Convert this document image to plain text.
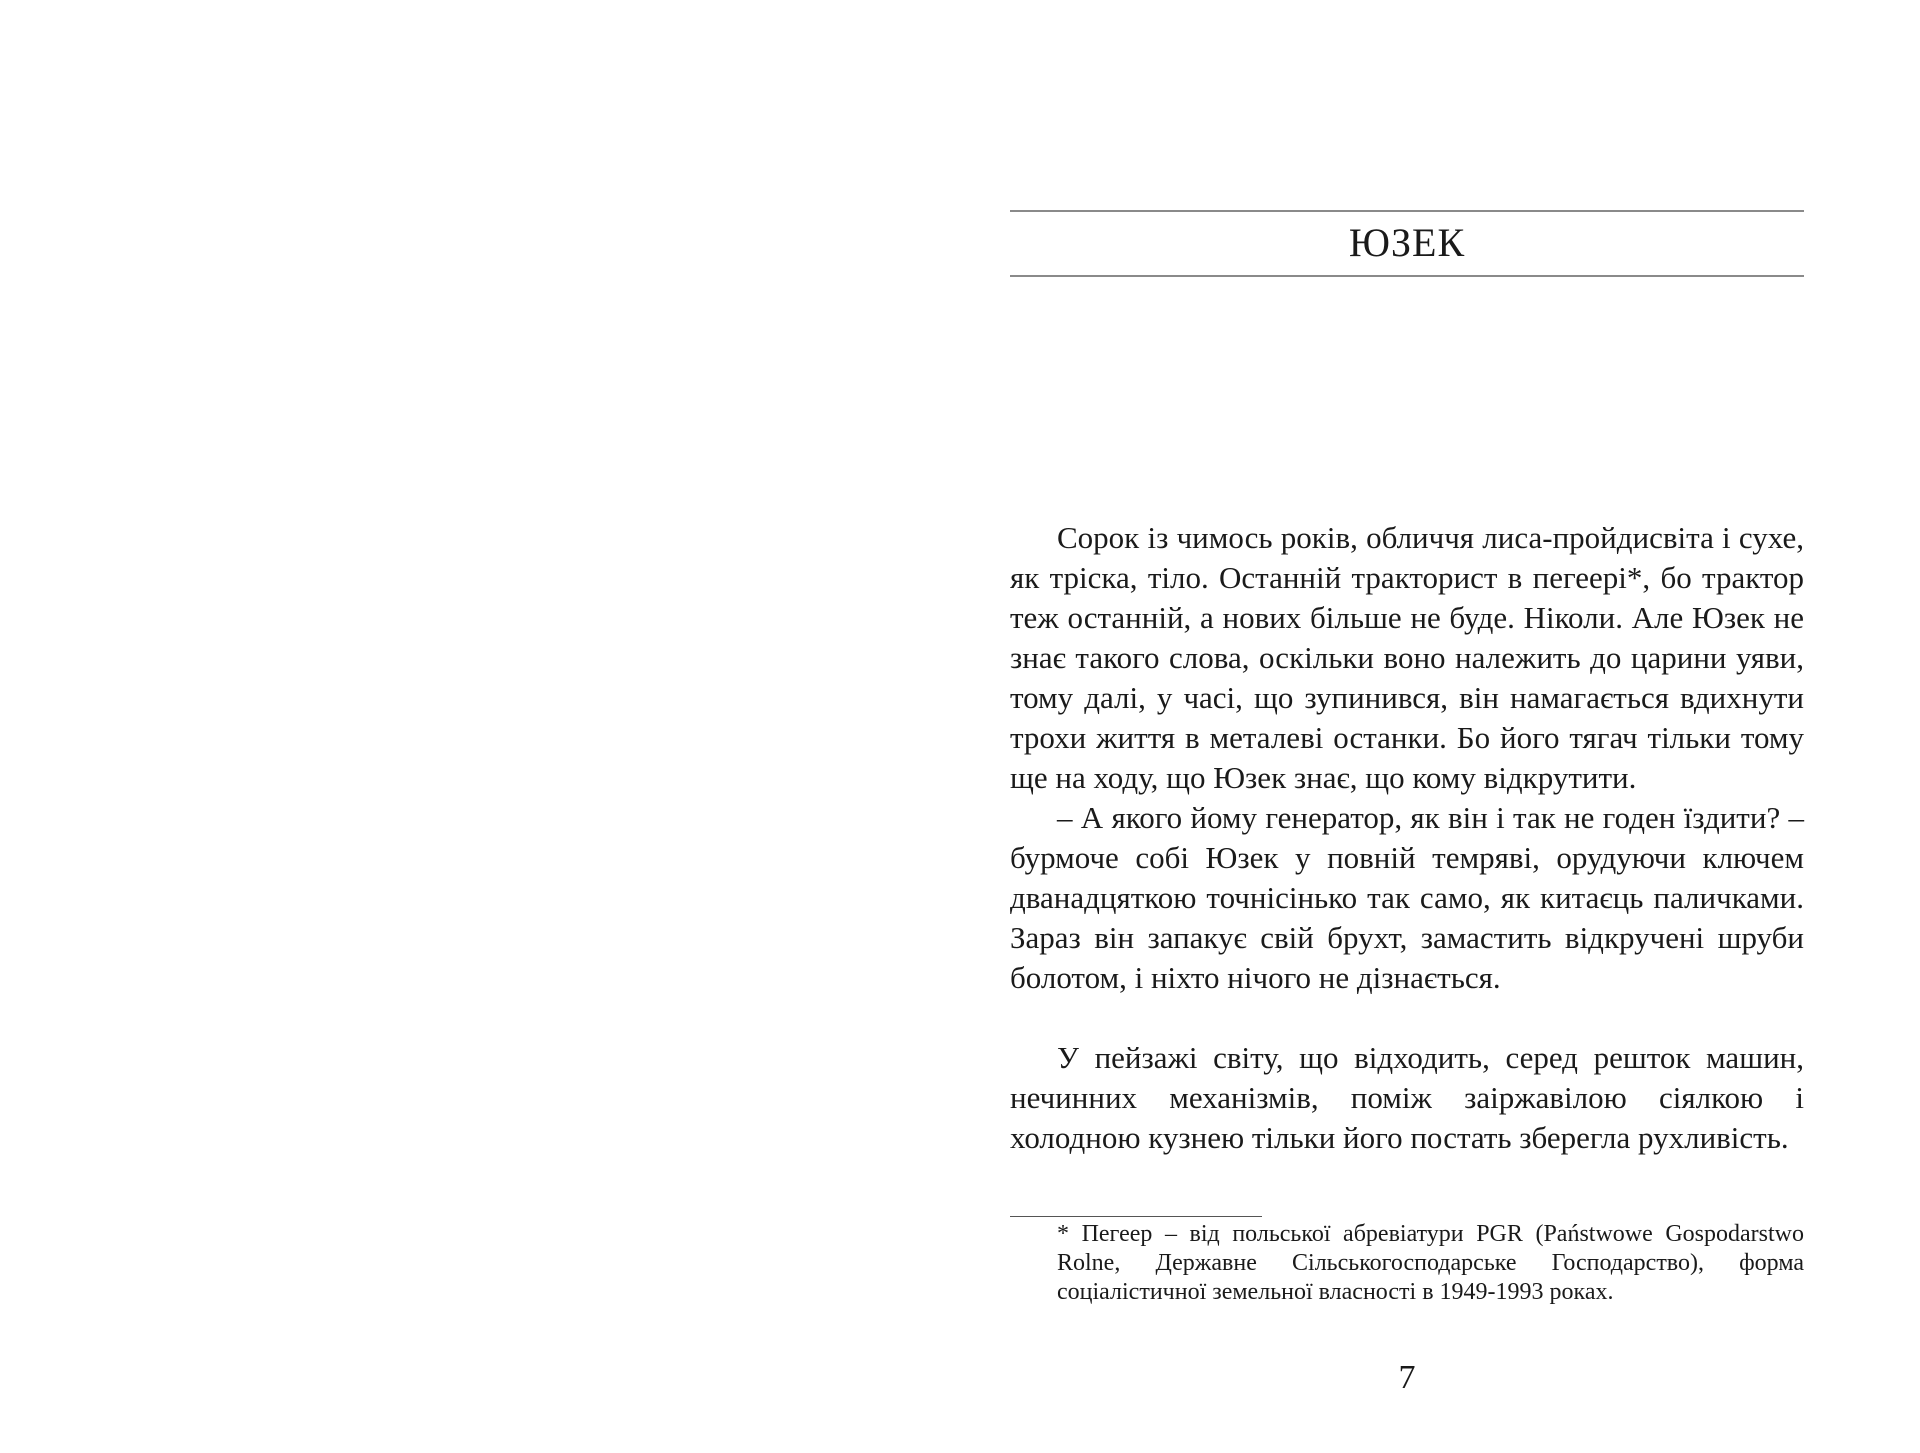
ЮЗЕК

Сорок із чимось років, обличчя лиса-пройдисвіта і сухе, як тріска, тіло. Останній тракторист в пегеері*, бо трактор теж останній, а нових більше не буде. Ніколи. Але Юзек не знає такого слова, оскільки воно належить до царини уяви, тому далі, у часі, що зупинився, він намагається вдихнути трохи життя в металеві останки. Бо його тягач тільки тому ще на ходу, що Юзек знає, що кому відкрутити.

– А якого йому генератор, як він і так не годен їздити? – бурмоче собі Юзек у повній темряві, орудуючи ключем дванадцяткою точнісінько так само, як китаєць паличками. Зараз він запакує свій брухт, замастить відкручені шруби болотом, і ніхто нічого не дізнається.

У пейзажі світу, що відходить, серед решток машин, нечинних механізмів, поміж заіржавілою сіялкою і холодною кузнею тільки його постать зберегла рухливість.

* Пегеер – від польської абревіатури PGR (Państwowe Gospodarstwo Rolne, Державне Сільськогосподарське Господарство), форма соціалістичної земельної власності в 1949-1993 роках.
7
